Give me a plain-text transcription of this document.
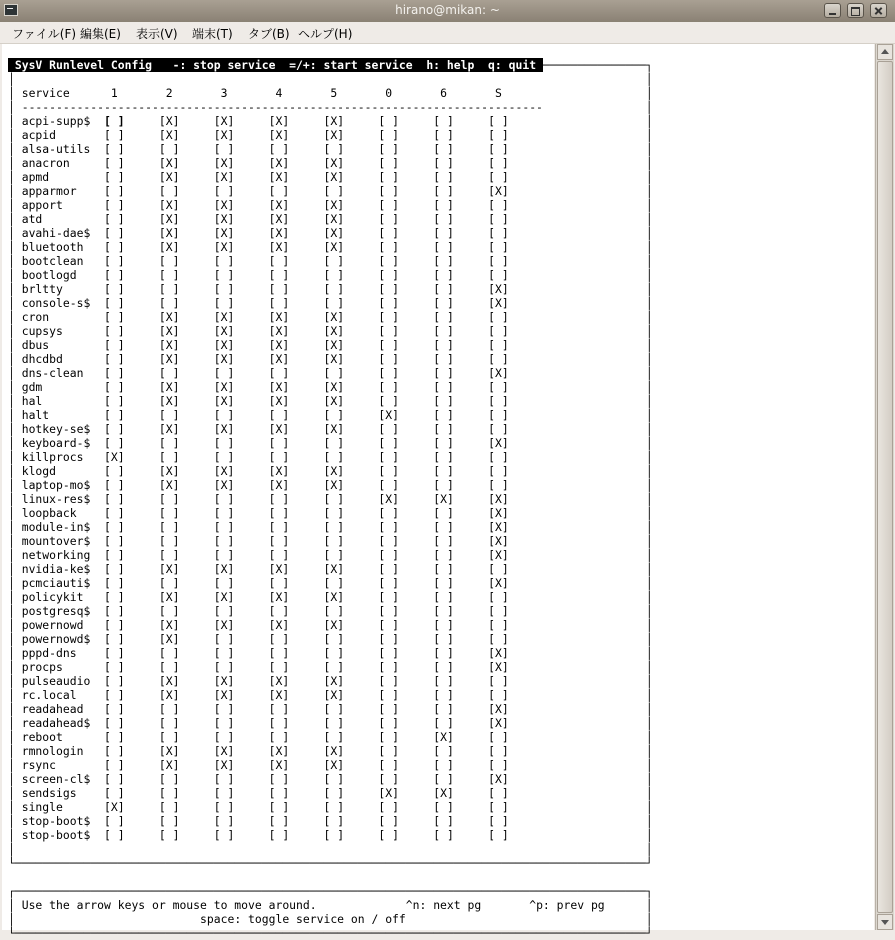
hirano@mikan: ~
ファイル(F) 編集(E) 表示(V) 端末(T) タブ(B) ヘルプ(H)
SysV Runlevel Config   -: stop service  =/+: start service  h: help  q: quit ───────────────┐
│                                                                                            │
│ service	1	2	3	4	5	0	6	S	│
│ ----------------------------------------------------------------------------               │
│ acpi-supp$ [ ]	[X]	[X]	[X]	[X]	[ ]	[ ]	[ ]	│
│ acpid	[ ]	[X]	[X]	[X]	[X]	[ ]	[ ]	[ ]	│
│ alsa-utils [ ]	[ ]	[ ]	[ ]	[ ]	[ ]	[ ]	[ ]	│
│ anacron	[ ]	[X]	[X]	[X]	[X]	[ ]	[ ]	[ ]	│
│ apmd	[ ]	[X]	[X]	[X]	[X]	[ ]	[ ]	[ ]	│
│ apparmor [ ]	[ ]	[ ]	[ ]	[ ]	[ ]	[ ]	[X]	│
│ apport	[ ]	[X]	[X]	[X]	[X]	[ ]	[ ]	[ ]	│
│ atd	[ ]	[X]	[X]	[X]	[X]	[ ]	[ ]	[ ]	│
│ avahi-dae$ [ ]	[X]	[X]	[X]	[X]	[ ]	[ ]	[ ]	│
│ bluetooth [ ]	[X]	[X]	[X]	[X]	[ ]	[ ]	[ ]	│
│ bootclean [ ]	[ ]	[ ]	[ ]	[ ]	[ ]	[ ]	[ ]	│
│ bootlogd [ ]	[ ]	[ ]	[ ]	[ ]	[ ]	[ ]	[ ]	│
│ brltty	[ ]	[ ]	[ ]	[ ]	[ ]	[ ]	[ ]	[X]	│
│ console-s$ [ ]	[ ]	[ ]	[ ]	[ ]	[ ]	[ ]	[X]	│
│ cron	[ ]	[X]	[X]	[X]	[X]	[ ]	[ ]	[ ]	│
│ cupsys	[ ]	[X]	[X]	[X]	[X]	[ ]	[ ]	[ ]	│
│ dbus	[ ]	[X]	[X]	[X]	[X]	[ ]	[ ]	[ ]	│
│ dhcdbd	[ ]	[X]	[X]	[X]	[X]	[ ]	[ ]	[ ]	│
│ dns-clean [ ]	[ ]	[ ]	[ ]	[ ]	[ ]	[ ]	[X]	│
│ gdm	[ ]	[X]	[X]	[X]	[X]	[ ]	[ ]	[ ]	│
│ hal	[ ]	[X]	[X]	[X]	[X]	[ ]	[ ]	[ ]	│
│ halt	[ ]	[ ]	[ ]	[ ]	[ ]	[X]	[ ]	[ ]	│
│ hotkey-se$ [ ]	[X]	[X]	[X]	[X]	[ ]	[ ]	[ ]	│
│ keyboard-$ [ ]	[ ]	[ ]	[ ]	[ ]	[ ]	[ ]	[X]	│
│ killprocs [X]	[ ]	[ ]	[ ]	[ ]	[ ]	[ ]	[ ]	│
│ klogd	[ ]	[X]	[X]	[X]	[X]	[ ]	[ ]	[ ]	│
│ laptop-mo$ [ ]	[X]	[X]	[X]	[X]	[ ]	[ ]	[ ]	│
│ linux-res$ [ ]	[ ]	[ ]	[ ]	[ ]	[X]	[X]	[X]	│
│ loopback [ ]	[ ]	[ ]	[ ]	[ ]	[ ]	[ ]	[X]	│
│ module-in$ [ ]	[ ]	[ ]	[ ]	[ ]	[ ]	[ ]	[X]	│
│ mountover$ [ ]	[ ]	[ ]	[ ]	[ ]	[ ]	[ ]	[X]	│
│ networking [ ]	[ ]	[ ]	[ ]	[ ]	[ ]	[ ]	[X]	│
│ nvidia-ke$ [ ]	[X]	[X]	[X]	[X]	[ ]	[ ]	[ ]	│
│ pcmciauti$ [ ]	[ ]	[ ]	[ ]	[ ]	[ ]	[ ]	[X]	│
│ policykit [ ]	[X]	[X]	[X]	[X]	[ ]	[ ]	[ ]	│
│ postgresq$ [ ]	[ ]	[ ]	[ ]	[ ]	[ ]	[ ]	[ ]	│
│ powernowd [ ]	[X]	[X]	[X]	[X]	[ ]	[ ]	[ ]	│
│ powernowd$ [ ]	[X]	[ ]	[ ]	[ ]	[ ]	[ ]	[ ]	│
│ pppd-dns [ ]	[ ]	[ ]	[ ]	[ ]	[ ]	[ ]	[X]	│
│ procps	[ ]	[ ]	[ ]	[ ]	[ ]	[ ]	[ ]	[X]	│
│ pulseaudio [ ]	[X]	[X]	[X]	[X]	[ ]	[ ]	[ ]	│
│ rc.local [ ]	[X]	[X]	[X]	[X]	[ ]	[ ]	[ ]	│
│ readahead [ ]	[ ]	[ ]	[ ]	[ ]	[ ]	[ ]	[X]	│
│ readahead$ [ ]	[ ]	[ ]	[ ]	[ ]	[ ]	[ ]	[X]	│
│ reboot	[ ]	[ ]	[ ]	[ ]	[ ]	[ ]	[X]	[ ]	│
│ rmnologin [ ]	[X]	[X]	[X]	[X]	[ ]	[ ]	[ ]	│
│ rsync	[ ]	[X]	[X]	[X]	[X]	[ ]	[ ]	[ ]	│
│ screen-cl$ [ ]	[ ]	[ ]	[ ]	[ ]	[ ]	[ ]	[X]	│
│ sendsigs [ ]	[ ]	[ ]	[ ]	[ ]	[X]	[X]	[ ]	│
│ single	[X]	[ ]	[ ]	[ ]	[ ]	[ ]	[ ]	[ ]	│
│ stop-boot$ [ ]	[ ]	[ ]	[ ]	[ ]	[ ]	[ ]	[ ]	│
│ stop-boot$ [ ]	[ ]	[ ]	[ ]	[ ]	[ ]	[ ]	[ ]	│
│                                                                                            │
└────────────────────────────────────────────────────────────────────────────────────────────┘

┌────────────────────────────────────────────────────────────────────────────────────────────┐
│ Use the arrow keys or mouse to move around.	^n: next pg	^p: prev pg	│
│	space: toggle service on / off	│
└────────────────────────────────────────────────────────────────────────────────────────────┘
